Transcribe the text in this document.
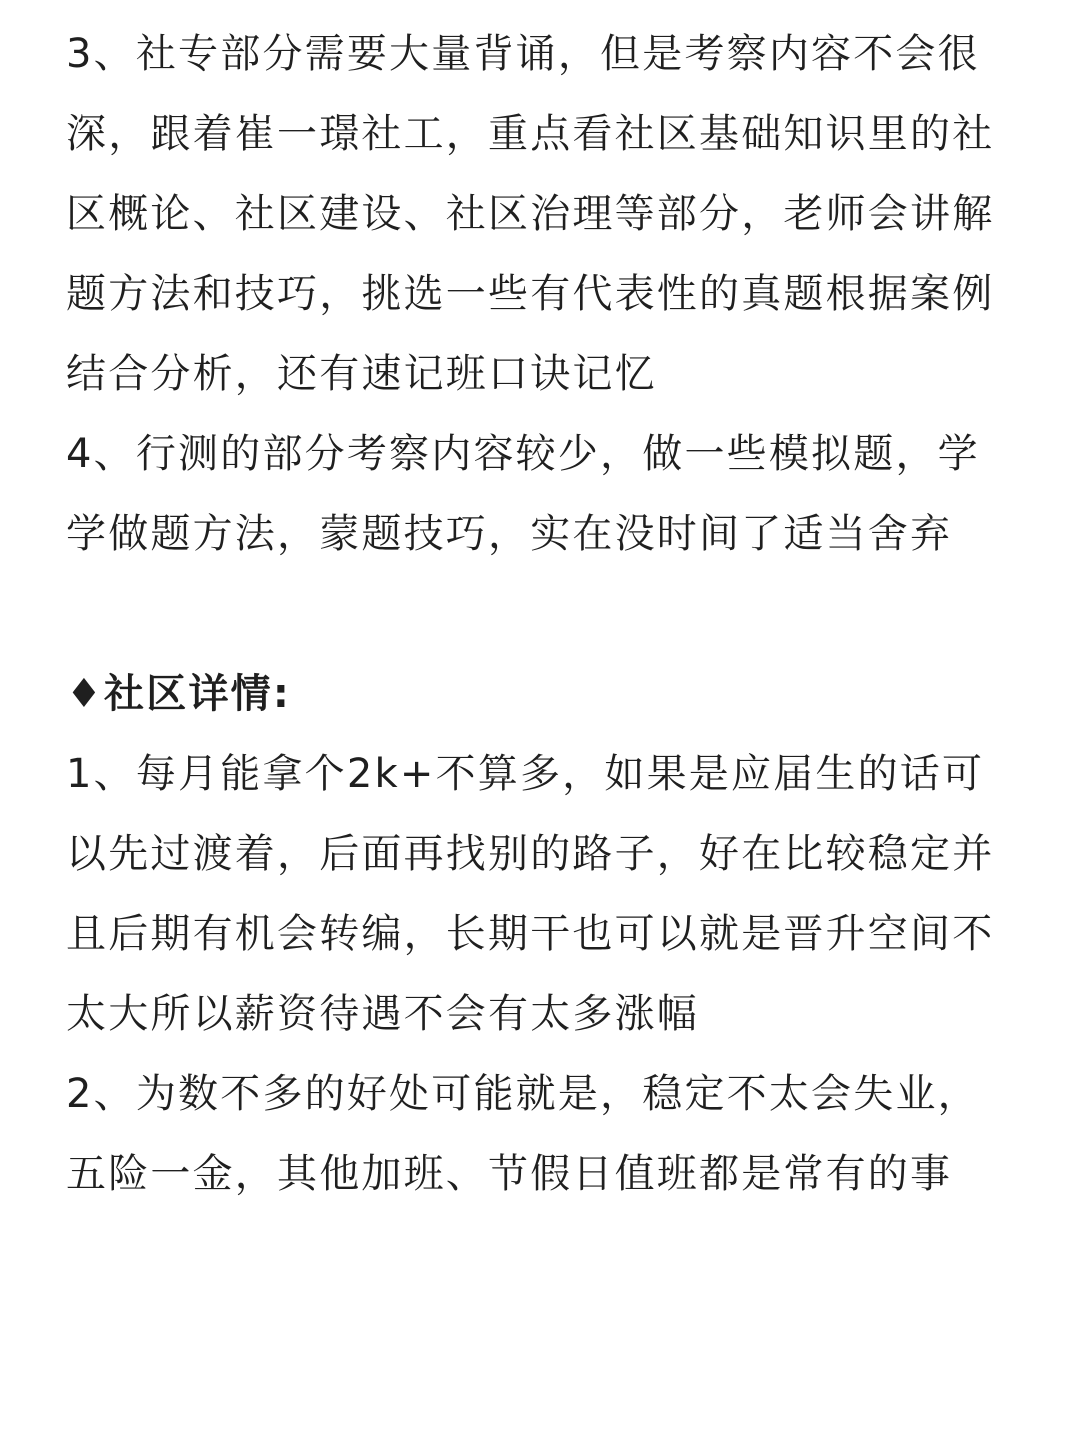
3、社专部分需要大量背诵，但是考察内容不会很
深，跟着崔一璟社工，重点看社区基础知识里的社
区概论、社区建设、社区治理等部分，老师会讲解
题方法和技巧，挑选一些有代表性的真题根据案例
结合分析，还有速记班口诀记忆
4、行测的部分考察内容较少，做一些模拟题，学
学做题方法，蒙题技巧，实在没时间了适当舍弃
♦社区详情:
1、每月能拿个2k+不算多，如果是应届生的话可
以先过渡着，后面再找别的路子，好在比较稳定并
且后期有机会转编，长期干也可以就是晋升空间不
太大所以薪资待遇不会有太多涨幅
2、为数不多的好处可能就是，稳定不太会失业，
五险一金，其他加班、节假日值班都是常有的事
